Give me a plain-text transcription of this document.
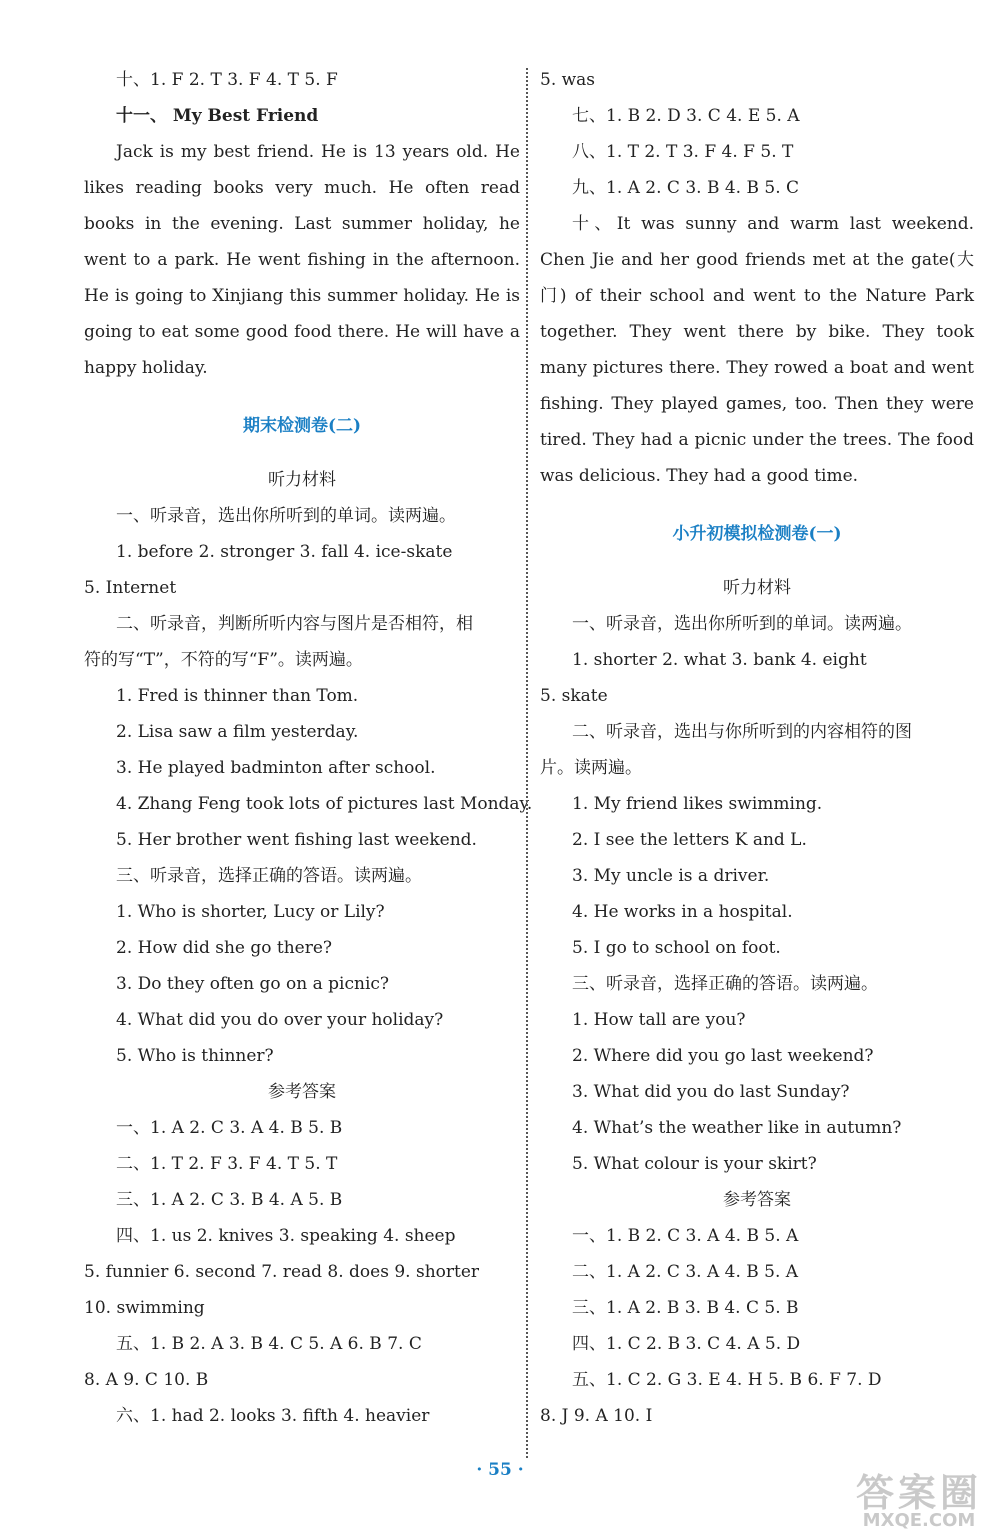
十、1. F 2. T 3. F 4. T 5. F
十一、 My Best Friend
Jack is my best friend. He is 13 years old. He
likes reading books very much. He often read
books in the evening. Last summer holiday, he
went to a park. He went fishing in the afternoon.
He is going to Xinjiang this summer holiday. He is
going to eat some good food there. He will have a
happy holiday.
期末检测卷(二)
听力材料
一、听录音，选出你所听到的单词。读两遍。
1. before 2. stronger 3. fall 4. ice-skate
5. Internet
二、听录音，判断所听内容与图片是否相符，相
符的写“T”，不符的写“F”。读两遍。
1. Fred is thinner than Tom.
2. Lisa saw a film yesterday.
3. He played badminton after school.
4. Zhang Feng took lots of pictures last Monday.
5. Her brother went fishing last weekend.
三、听录音，选择正确的答语。读两遍。
1. Who is shorter, Lucy or Lily?
2. How did she go there?
3. Do they often go on a picnic?
4. What did you do over your holiday?
5. Who is thinner?
参考答案
一、1. A 2. C 3. A 4. B 5. B
二、1. T 2. F 3. F 4. T 5. T
三、1. A 2. C 3. B 4. A 5. B
四、1. us 2. knives 3. speaking 4. sheep
5. funnier 6. second 7. read 8. does 9. shorter
10. swimming
五、1. B 2. A 3. B 4. C 5. A 6. B 7. C
8. A 9. C 10. B
六、1. had 2. looks 3. fifth 4. heavier
5. was
七、1. B 2. D 3. C 4. E 5. A
八、1. T 2. T 3. F 4. F 5. T
九、1. A 2. C 3. B 4. B 5. C
十、It was sunny and warm last weekend.
Chen Jie and her good friends met at the gate(大
门) of their school and went to the Nature Park
together. They went there by bike. They took
many pictures there. They rowed a boat and went
fishing. They played games, too. Then they were
tired. They had a picnic under the trees. The food
was delicious. They had a good time.
小升初模拟检测卷(一)
听力材料
一、听录音，选出你所听到的单词。读两遍。
1. shorter 2. what 3. bank 4. eight
5. skate
二、听录音，选出与你所听到的内容相符的图
片。读两遍。
1. My friend likes swimming.
2. I see the letters K and L.
3. My uncle is a driver.
4. He works in a hospital.
5. I go to school on foot.
三、听录音，选择正确的答语。读两遍。
1. How tall are you?
2. Where did you go last weekend?
3. What did you do last Sunday?
4. What’s the weather like in autumn?
5. What colour is your skirt?
参考答案
一、1. B 2. C 3. A 4. B 5. A
二、1. A 2. C 3. A 4. B 5. A
三、1. A 2. B 3. B 4. C 5. B
四、1. C 2. B 3. C 4. A 5. D
五、1. C 2. G 3. E 4. H 5. B 6. F 7. D
8. J 9. A 10. I
· 55 ·
答案圈
MXQE.COM
